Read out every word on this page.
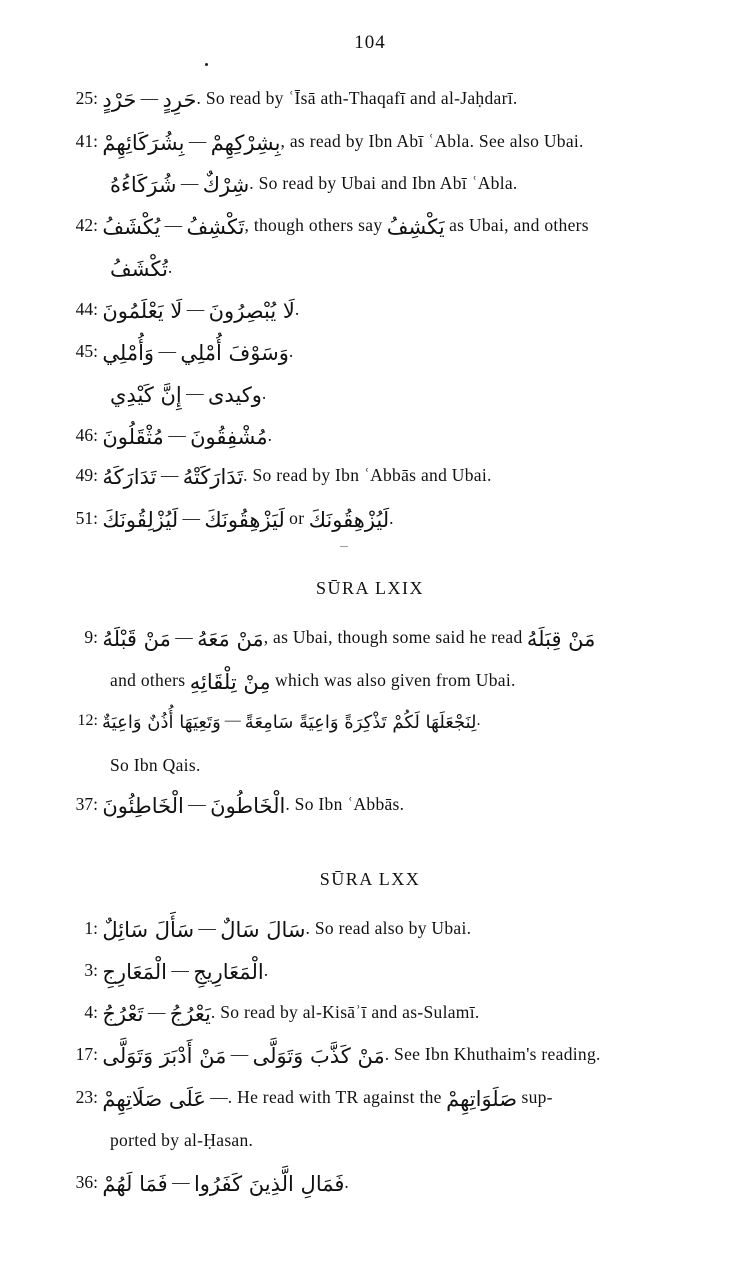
104
25: حَرْدٍ — حَرِدٍ. So read by ʿĪsā ath-Thaqafī and al-Jaḥdarī.
41: بِشُرَكَائِهِمْ — بِشِرْكِهِمْ, as read by Ibn Abī ʿAbla. See also Ubai.
شُرَكَاءُهُ — شِرْكٌ. So read by Ubai and Ibn Abī ʿAbla.
42: يُكْشَفُ — تَكْشِفُ, though others say يَكْشِفُ as Ubai, and others
تُكْشَفُ.
44: لَا يَعْلَمُونَ — لَا يُبْصِرُونَ.
45: وَأُمْلِي — وَسَوْفَ أُمْلِي.
إِنَّ كَيْدِي — وكيدى.
46: مُثْقَلُونَ — مُشْفِقُونَ.
49: تَدَارَكَهُ — تَدَارَكَتْهُ. So read by Ibn ʿAbbās and Ubai.
51: لَيُزْلِقُونَكَ — لَيَزْهِقُونَكَ or لَيُزْهِقُونَكَ.
SŪRA LXIX
9: مَنْ قَبْلَهُ — مَنْ مَعَهُ, as Ubai, though some said he read مَنْ قِبَلَهُ
and others مِنْ تِلْقَائِهِ which was also given from Ubai.
12: وَتَعِيَهَا أُذُنٌ وَاعِيَةٌ — لِنَجْعَلَهَا لَكُمْ تَذْكِرَةً وَاعِيَةً سَامِعَةً.
So Ibn Qais.
37: الْخَاطِئُونَ — الْخَاطُونَ. So Ibn ʿAbbās.
SŪRA LXX
1: سَأَلَ سَائِلٌ — سَالَ سَالٌ. So read also by Ubai.
3: الْمَعَارِجِ — الْمَعَارِيجِ.
4: تَعْرُجُ — يَعْرُجُ. So read by al-Kisāʾī and as-Sulamī.
17: مَنْ أَدْبَرَ وَتَوَلَّى — مَنْ كَذَّبَ وَتَوَلَّى. See Ibn Khuthaim's reading.
23: عَلَى صَلَاتِهِمْ —. He read with TR against the صَلَوَاتِهِمْ sup-
ported by al-Ḥasan.
36: فَمَا لَهُمْ — فَمَالِ الَّذِينَ كَفَرُوا.
